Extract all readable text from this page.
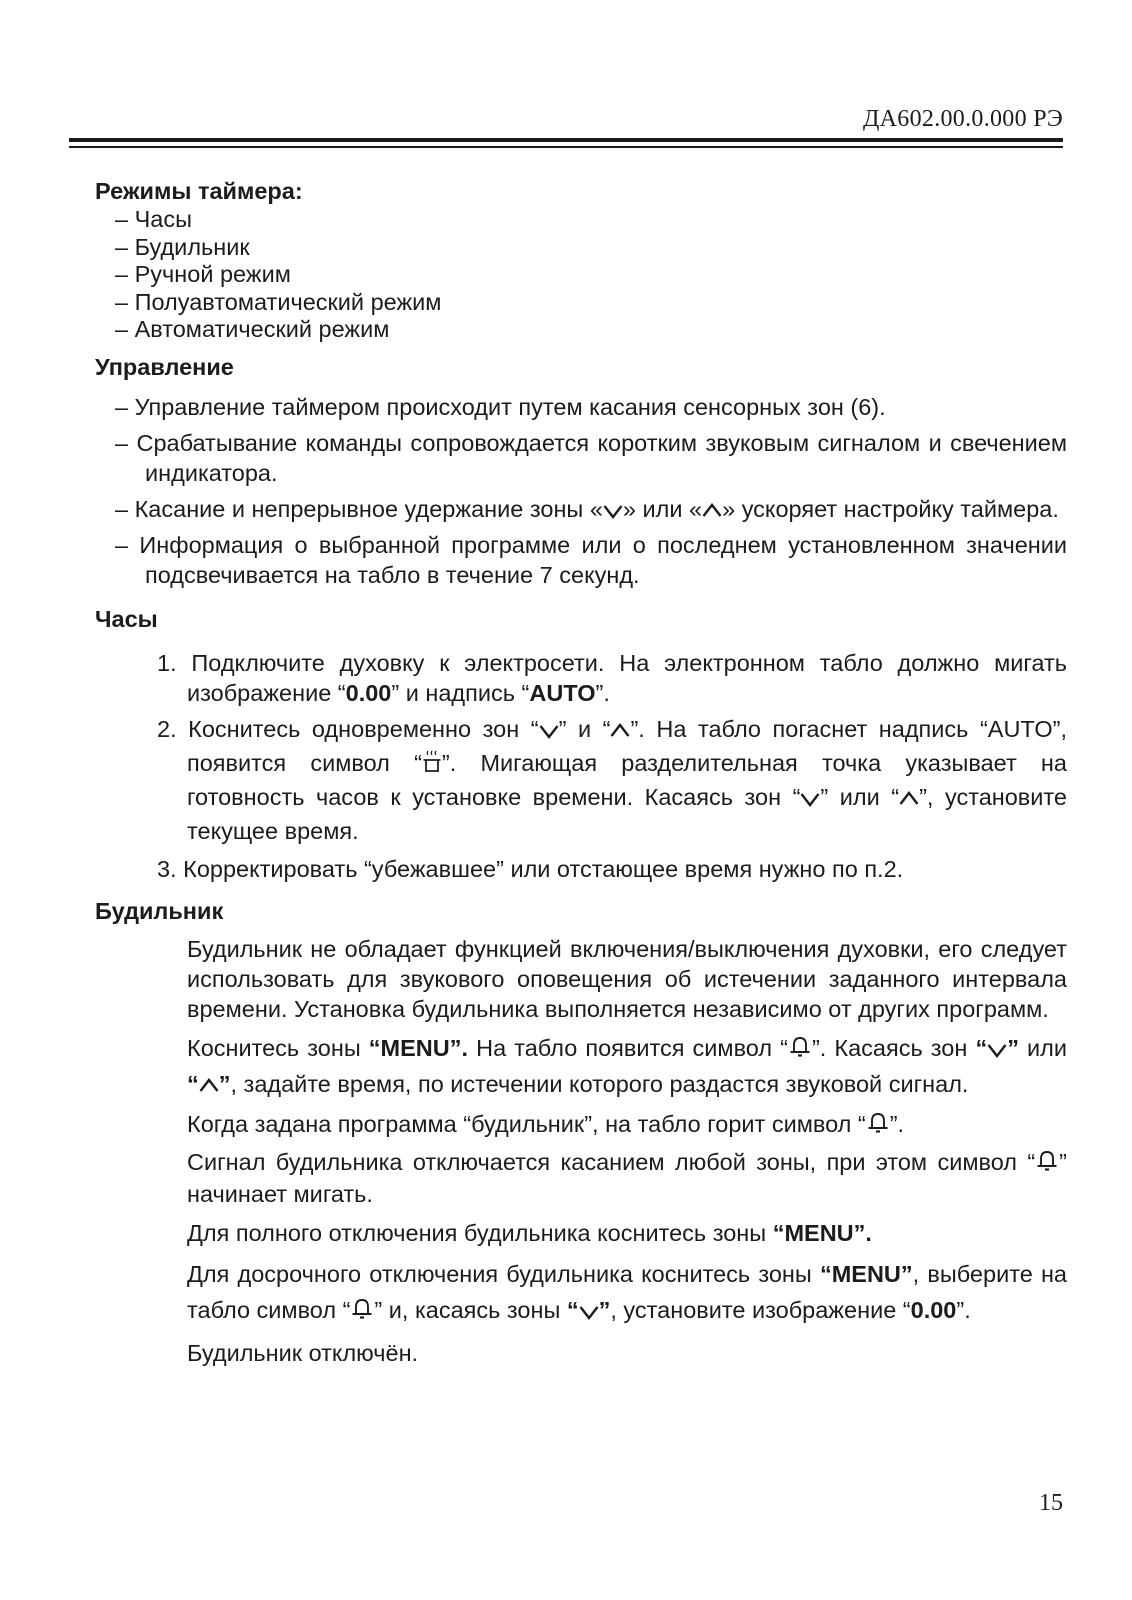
ДА602.00.0.000 РЭ
Режимы таймера:
– Часы
– Будильник
– Ручной режим
– Полуавтоматический режим
– Автоматический режим
Управление
– Управление таймером происходит путем касания сенсорных зон (6).
– Срабатывание команды сопровождается коротким звуковым сигналом и свечением индикатора.
– Касание и непрерывное удержание зоны « » или « » ускоряет настройку таймера.
– Информация о выбранной программе или о последнем установленном значении подсвечивается на табло в течение 7 секунд.
Часы
1. Подключите духовку к электросети. На электронном табло должно мигать изображение “0.00” и надпись “AUTO”.
2. Коснитесь одновременно зон “ ” и “ ”. На табло погаснет надпись “AUTO”, появится символ “ ”. Мигающая разделительная точка указывает на готовность часов к установке времени. Касаясь зон “ ” или “ ”, установите текущее время.
3. Корректировать “убежавшее” или отстающее время нужно по п.2.
Будильник
Будильник не обладает функцией включения/выключения духовки, его следует использовать для звукового оповещения об истечении заданного интервала времени. Установка будильника выполняется независимо от других программ.
Коснитесь зоны “MENU”. На табло появится символ “ ”. Касаясь зон “ ” или “ ”, задайте время, по истечении которого раздастся звуковой сигнал.
Когда задана программа “будильник”, на табло горит символ “ ”.
Сигнал будильника отключается касанием любой зоны, при этом символ “ ” начинает мигать.
Для полного отключения будильника коснитесь зоны “MENU”.
Для досрочного отключения будильника коснитесь зоны “MENU”, выберите на табло символ “ ” и, касаясь зоны “ ”, установите изображение “0.00”.
Будильник отключён.
15
